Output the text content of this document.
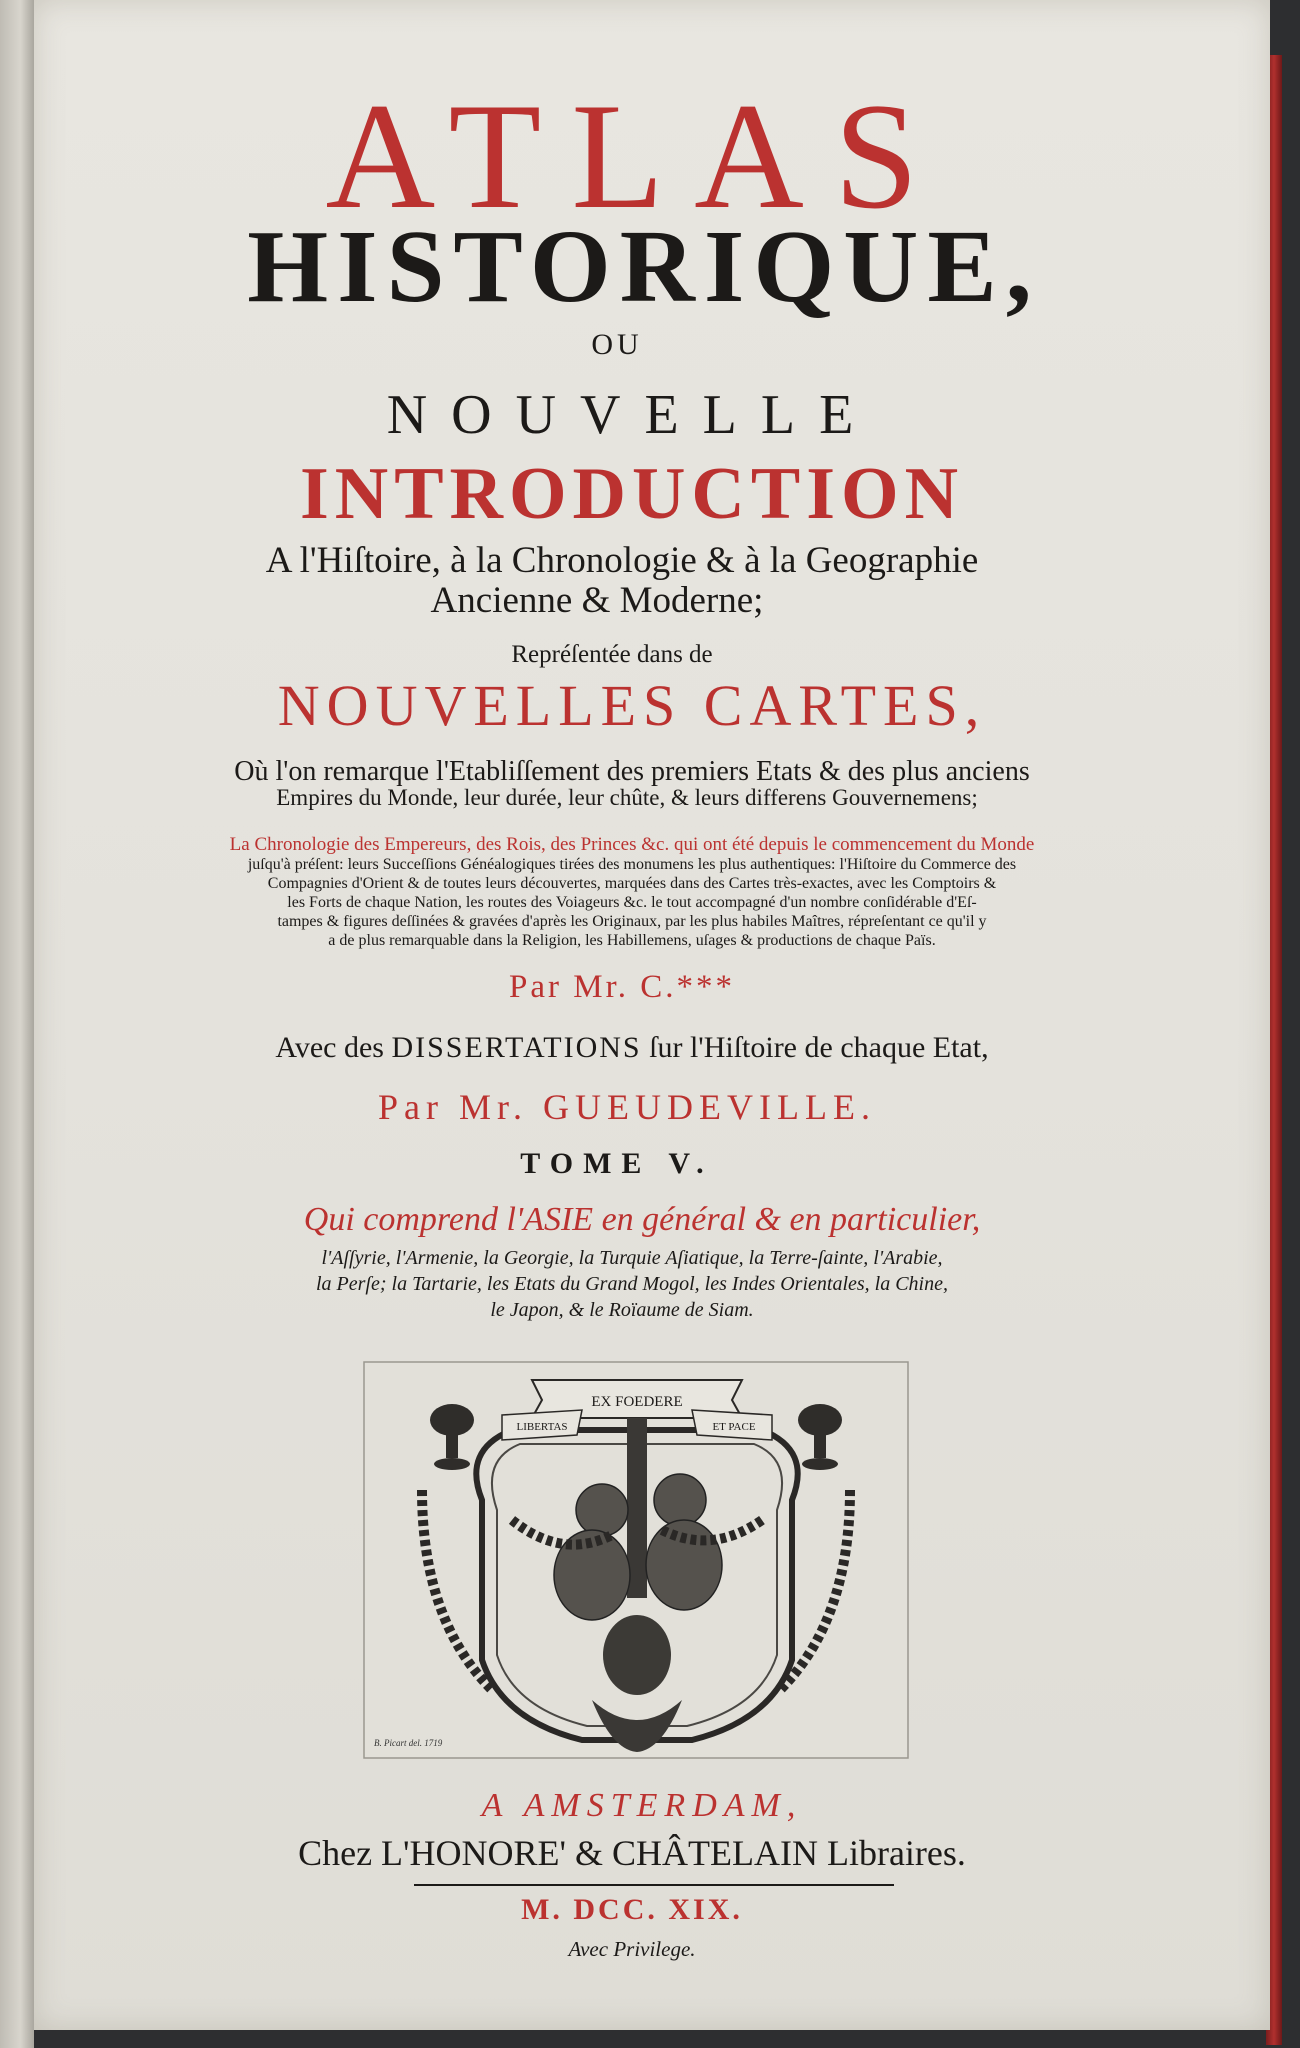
ATLAS
HISTORIQUE,
OU
NOUVELLE
INTRODUCTION
A l'Hiſtoire, à la Chronologie & à la Geographie
Ancienne & Moderne;
Repréſentée dans de
NOUVELLES CARTES,
Où l'on remarque l'Etabliſſement des premiers Etats & des plus anciens
Empires du Monde, leur durée, leur chûte, & leurs differens Gouvernemens;
La Chronologie des Empereurs, des Rois, des Princes &c. qui ont été depuis le commencement du Monde
juſqu'à préſent: leurs Succeſſions Généalogiques tirées des monumens les plus authentiques: l'Hiſtoire du Commerce des
Compagnies d'Orient & de toutes leurs découvertes, marquées dans des Cartes très-exactes, avec les Comptoirs &
les Forts de chaque Nation, les routes des Voiageurs &c. le tout accompagné d'un nombre conſidérable d'Eſ-
tampes & figures deſſinées & gravées d'après les Originaux, par les plus habiles Maîtres, répreſentant ce qu'il y
a de plus remarquable dans la Religion, les Habillemens, uſages & productions de chaque Païs.
Par Mr. C.***
Avec des DISSERTATIONS ſur l'Hiſtoire de chaque Etat,
Par Mr. GUEUDEVILLE.
TOME V.
Qui comprend l'ASIE en général & en particulier,
l'Aſſyrie, l'Armenie, la Georgie, la Turquie Aſiatique, la Terre-ſainte, l'Arabie,
la Perſe; la Tartarie, les Etats du Grand Mogol, les Indes Orientales, la Chine,
le Japon, & le Roïaume de Siam.
EX FOEDERE
LIBERTAS	ET PACE
B. Picart del. 1719
A AMSTERDAM,
Chez L'HONORE' & CHÂTELAIN Libraires.
M. DCC. XIX.
Avec Privilege.
